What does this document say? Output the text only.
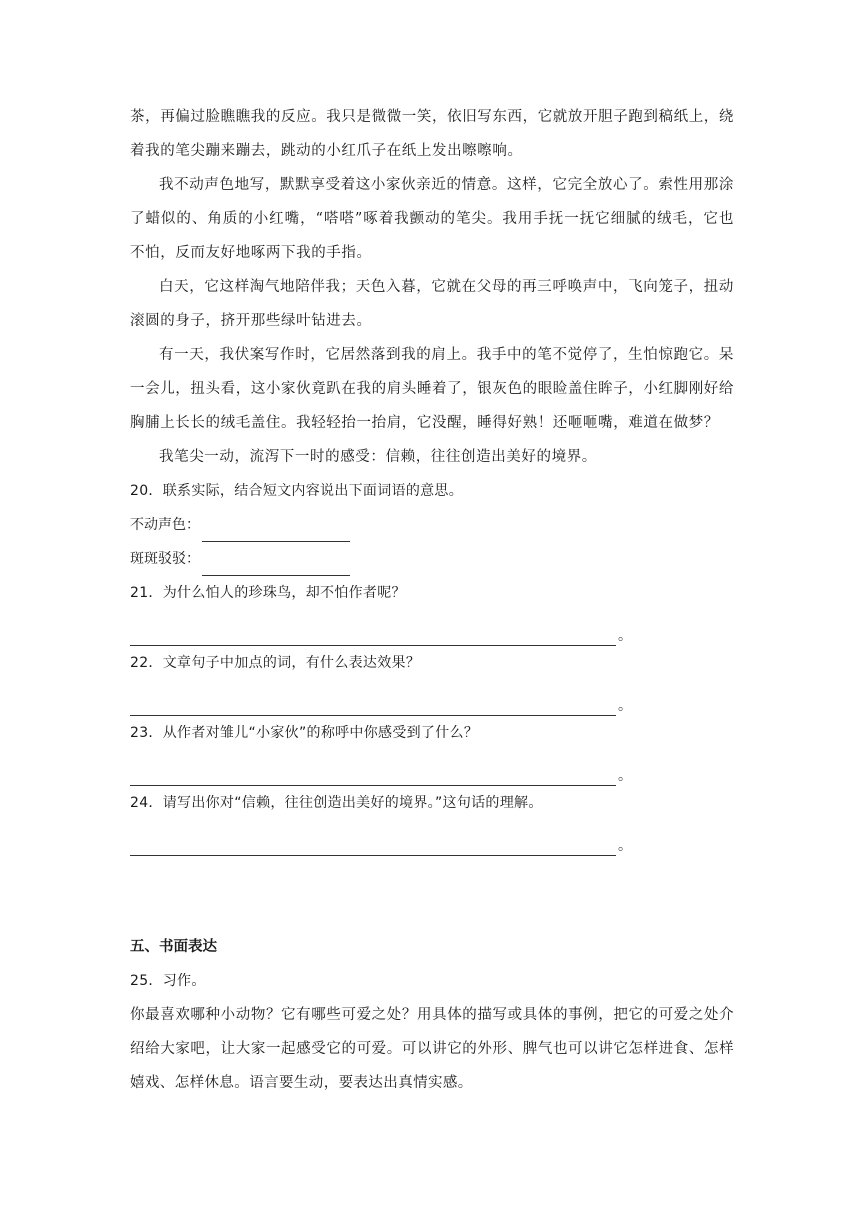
茶，再偏过脸瞧瞧我的反应。我只是微微一笑，依旧写东西，它就放开胆子跑到稿纸上，绕着我的笔尖蹦来蹦去，跳动的小红爪子在纸上发出嚓嚓响。

我不动声色地写，默默享受着这小家伙亲近的情意。这样，它完全放心了。索性用那涂了蜡似的、角质的小红嘴，“嗒嗒”啄着我颤动的笔尖。我用手抚一抚它细腻的绒毛，它也不怕，反而友好地啄两下我的手指。

白天，它这样淘气地陪伴我；天色入暮，它就在父母的再三呼唤声中，飞向笼子，扭动滚圆的身子，挤开那些绿叶钻进去。

有一天，我伏案写作时，它居然落到我的肩上。我手中的笔不觉停了，生怕惊跑它。呆一会儿，扭头看，这小家伙竟趴在我的肩头睡着了，银灰色的眼睑盖住眸子，小红脚刚好给胸脯上长长的绒毛盖住。我轻轻抬一抬肩，它没醒，睡得好熟！还咂咂嘴，难道在做梦？

我笔尖一动，流泻下一时的感受：信赖，往往创造出美好的境界。

20．联系实际，结合短文内容说出下面词语的意思。

不动声色：
斑斑驳驳：

21．为什么怕人的珍珠鸟，却不怕作者呢？

。

22．文章句子中加点的词，有什么表达效果？

。

23．从作者对雏儿“小家伙”的称呼中你感受到了什么？

。

24．请写出你对“信赖，往往创造出美好的境界。”这句话的理解。

。

五、书面表达

25．习作。

你最喜欢哪种小动物？它有哪些可爱之处？用具体的描写或具体的事例，把它的可爱之处介绍给大家吧，让大家一起感受它的可爱。可以讲它的外形、脾气也可以讲它怎样进食、怎样嬉戏、怎样休息。语言要生动，要表达出真情实感。
